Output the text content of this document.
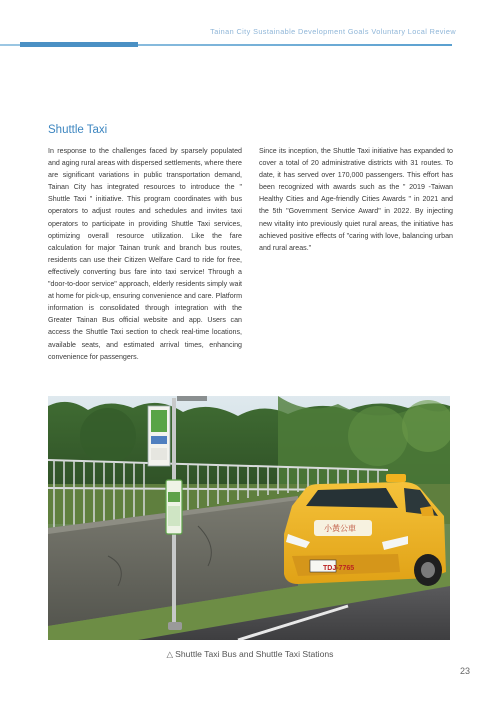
Tainan City Sustainable Development Goals Voluntary Local Review
Shuttle Taxi
In response to the challenges faced by sparsely populated and aging rural areas with dispersed settlements, where there are significant variations in public transportation demand, Tainan City has integrated resources to introduce the " Shuttle Taxi " initiative. This program coordinates with bus operators to adjust routes and schedules and invites taxi operators to participate in providing Shuttle Taxi services, optimizing overall resource utilization. Like the fare calculation for major Tainan trunk and branch bus routes, residents can use their Citizen Welfare Card to ride for free, effectively converting bus fare into taxi service! Through a "door-to-door service" approach, elderly residents simply wait at home for pick-up, ensuring convenience and care. Platform information is consolidated through integration with the Greater Tainan Bus official website and app. Users can access the Shuttle Taxi section to check real-time locations, available seats, and estimated arrival times, enhancing convenience for passengers.
Since its inception, the Shuttle Taxi initiative has expanded to cover a total of 20 administrative districts with 31 routes. To date, it has served over 170,000 passengers. This effort has been recognized with awards such as the " 2019 -Taiwan Healthy Cities and Age-friendly Cities Awards " in 2021 and the 5th "Government Service Award" in 2022. By injecting new vitality into previously quiet rural areas, the initiative has achieved positive effects of "caring with love, balancing urban and rural areas."
TDJ-7765
小黃公車
△ Shuttle Taxi Bus and Shuttle Taxi Stations
23
